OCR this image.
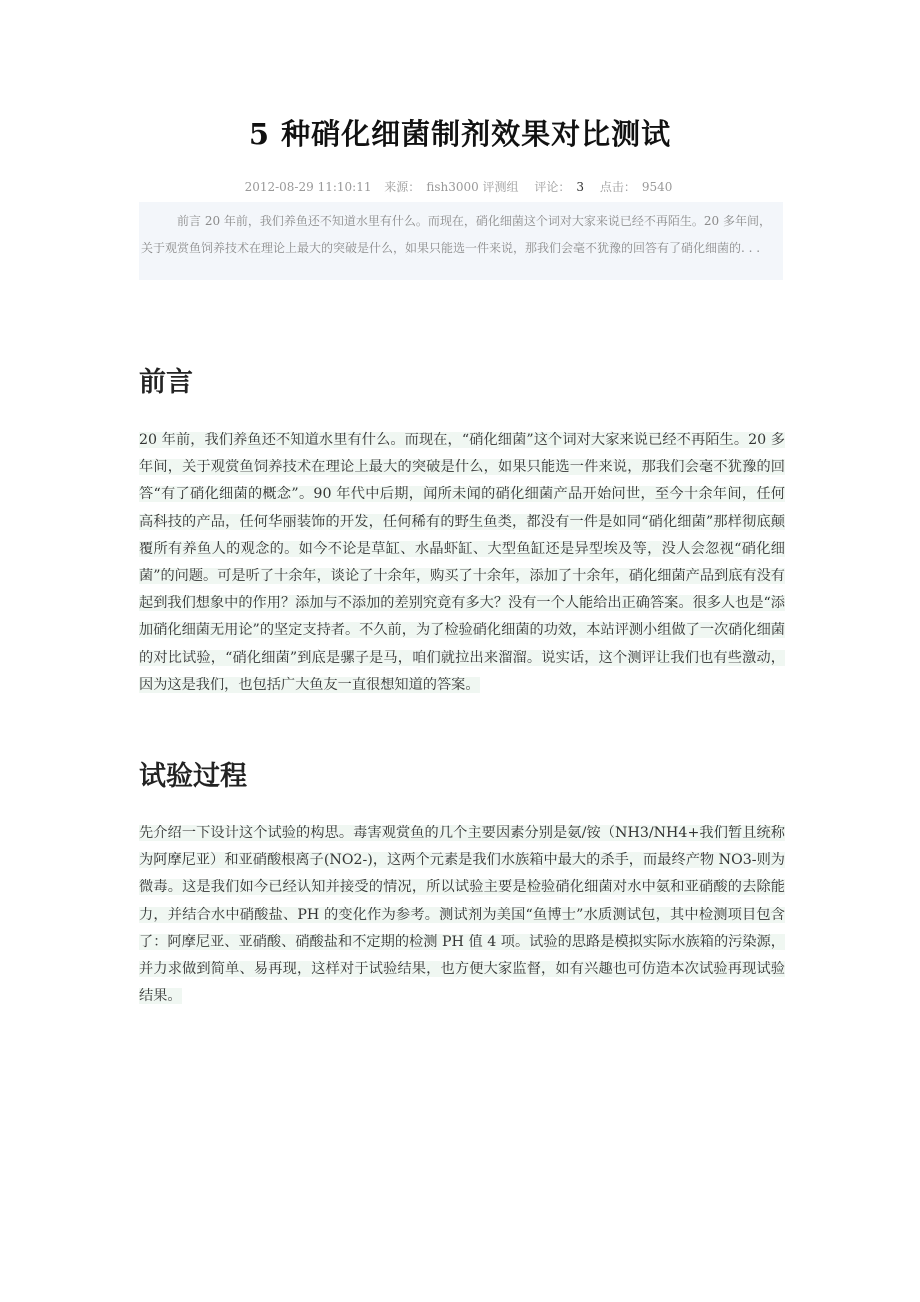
5 种硝化细菌制剂效果对比测试
2012-08-29 11:10:11 来源： fish3000 评测组 评论： 3 点击： 9540
前言 20 年前，我们养鱼还不知道水里有什么。而现在，硝化细菌这个词对大家来说已经不再陌生。20 多年间，关于观赏鱼饲养技术在理论上最大的突破是什么，如果只能选一件来说，那我们会毫不犹豫的回答有了硝化细菌的. . .
前言
20 年前，我们养鱼还不知道水里有什么。而现在，“硝化细菌”这个词对大家来说已经不再陌生。20 多年间，关于观赏鱼饲养技术在理论上最大的突破是什么，如果只能选一件来说，那我们会毫不犹豫的回答“有了硝化细菌的概念”。90 年代中后期，闻所未闻的硝化细菌产品开始问世，至今十余年间，任何高科技的产品，任何华丽装饰的开发，任何稀有的野生鱼类，都没有一件是如同“硝化细菌”那样彻底颠覆所有养鱼人的观念的。如今不论是草缸、水晶虾缸、大型鱼缸还是异型埃及等，没人会忽视“硝化细菌”的问题。可是听了十余年，谈论了十余年，购买了十余年，添加了十余年，硝化细菌产品到底有没有起到我们想象中的作用？添加与不添加的差别究竟有多大？没有一个人能给出正确答案。很多人也是“添加硝化细菌无用论”的坚定支持者。不久前，为了检验硝化细菌的功效，本站评测小组做了一次硝化细菌的对比试验，“硝化细菌”到底是骡子是马，咱们就拉出来溜溜。说实话，这个测评让我们也有些激动，因为这是我们，也包括广大鱼友一直很想知道的答案。
试验过程
先介绍一下设计这个试验的构思。毒害观赏鱼的几个主要因素分别是氨/铵（NH3/NH4+我们暂且统称为阿摩尼亚）和亚硝酸根离子(NO2-)，这两个元素是我们水族箱中最大的杀手，而最终产物 NO3-则为微毒。这是我们如今已经认知并接受的情况，所以试验主要是检验硝化细菌对水中氨和亚硝酸的去除能力，并结合水中硝酸盐、PH 的变化作为参考。测试剂为美国“鱼博士”水质测试包，其中检测项目包含了：阿摩尼亚、亚硝酸、硝酸盐和不定期的检测 PH 值 4 项。试验的思路是模拟实际水族箱的污染源，并力求做到简单、易再现，这样对于试验结果，也方便大家监督，如有兴趣也可仿造本次试验再现试验结果。
